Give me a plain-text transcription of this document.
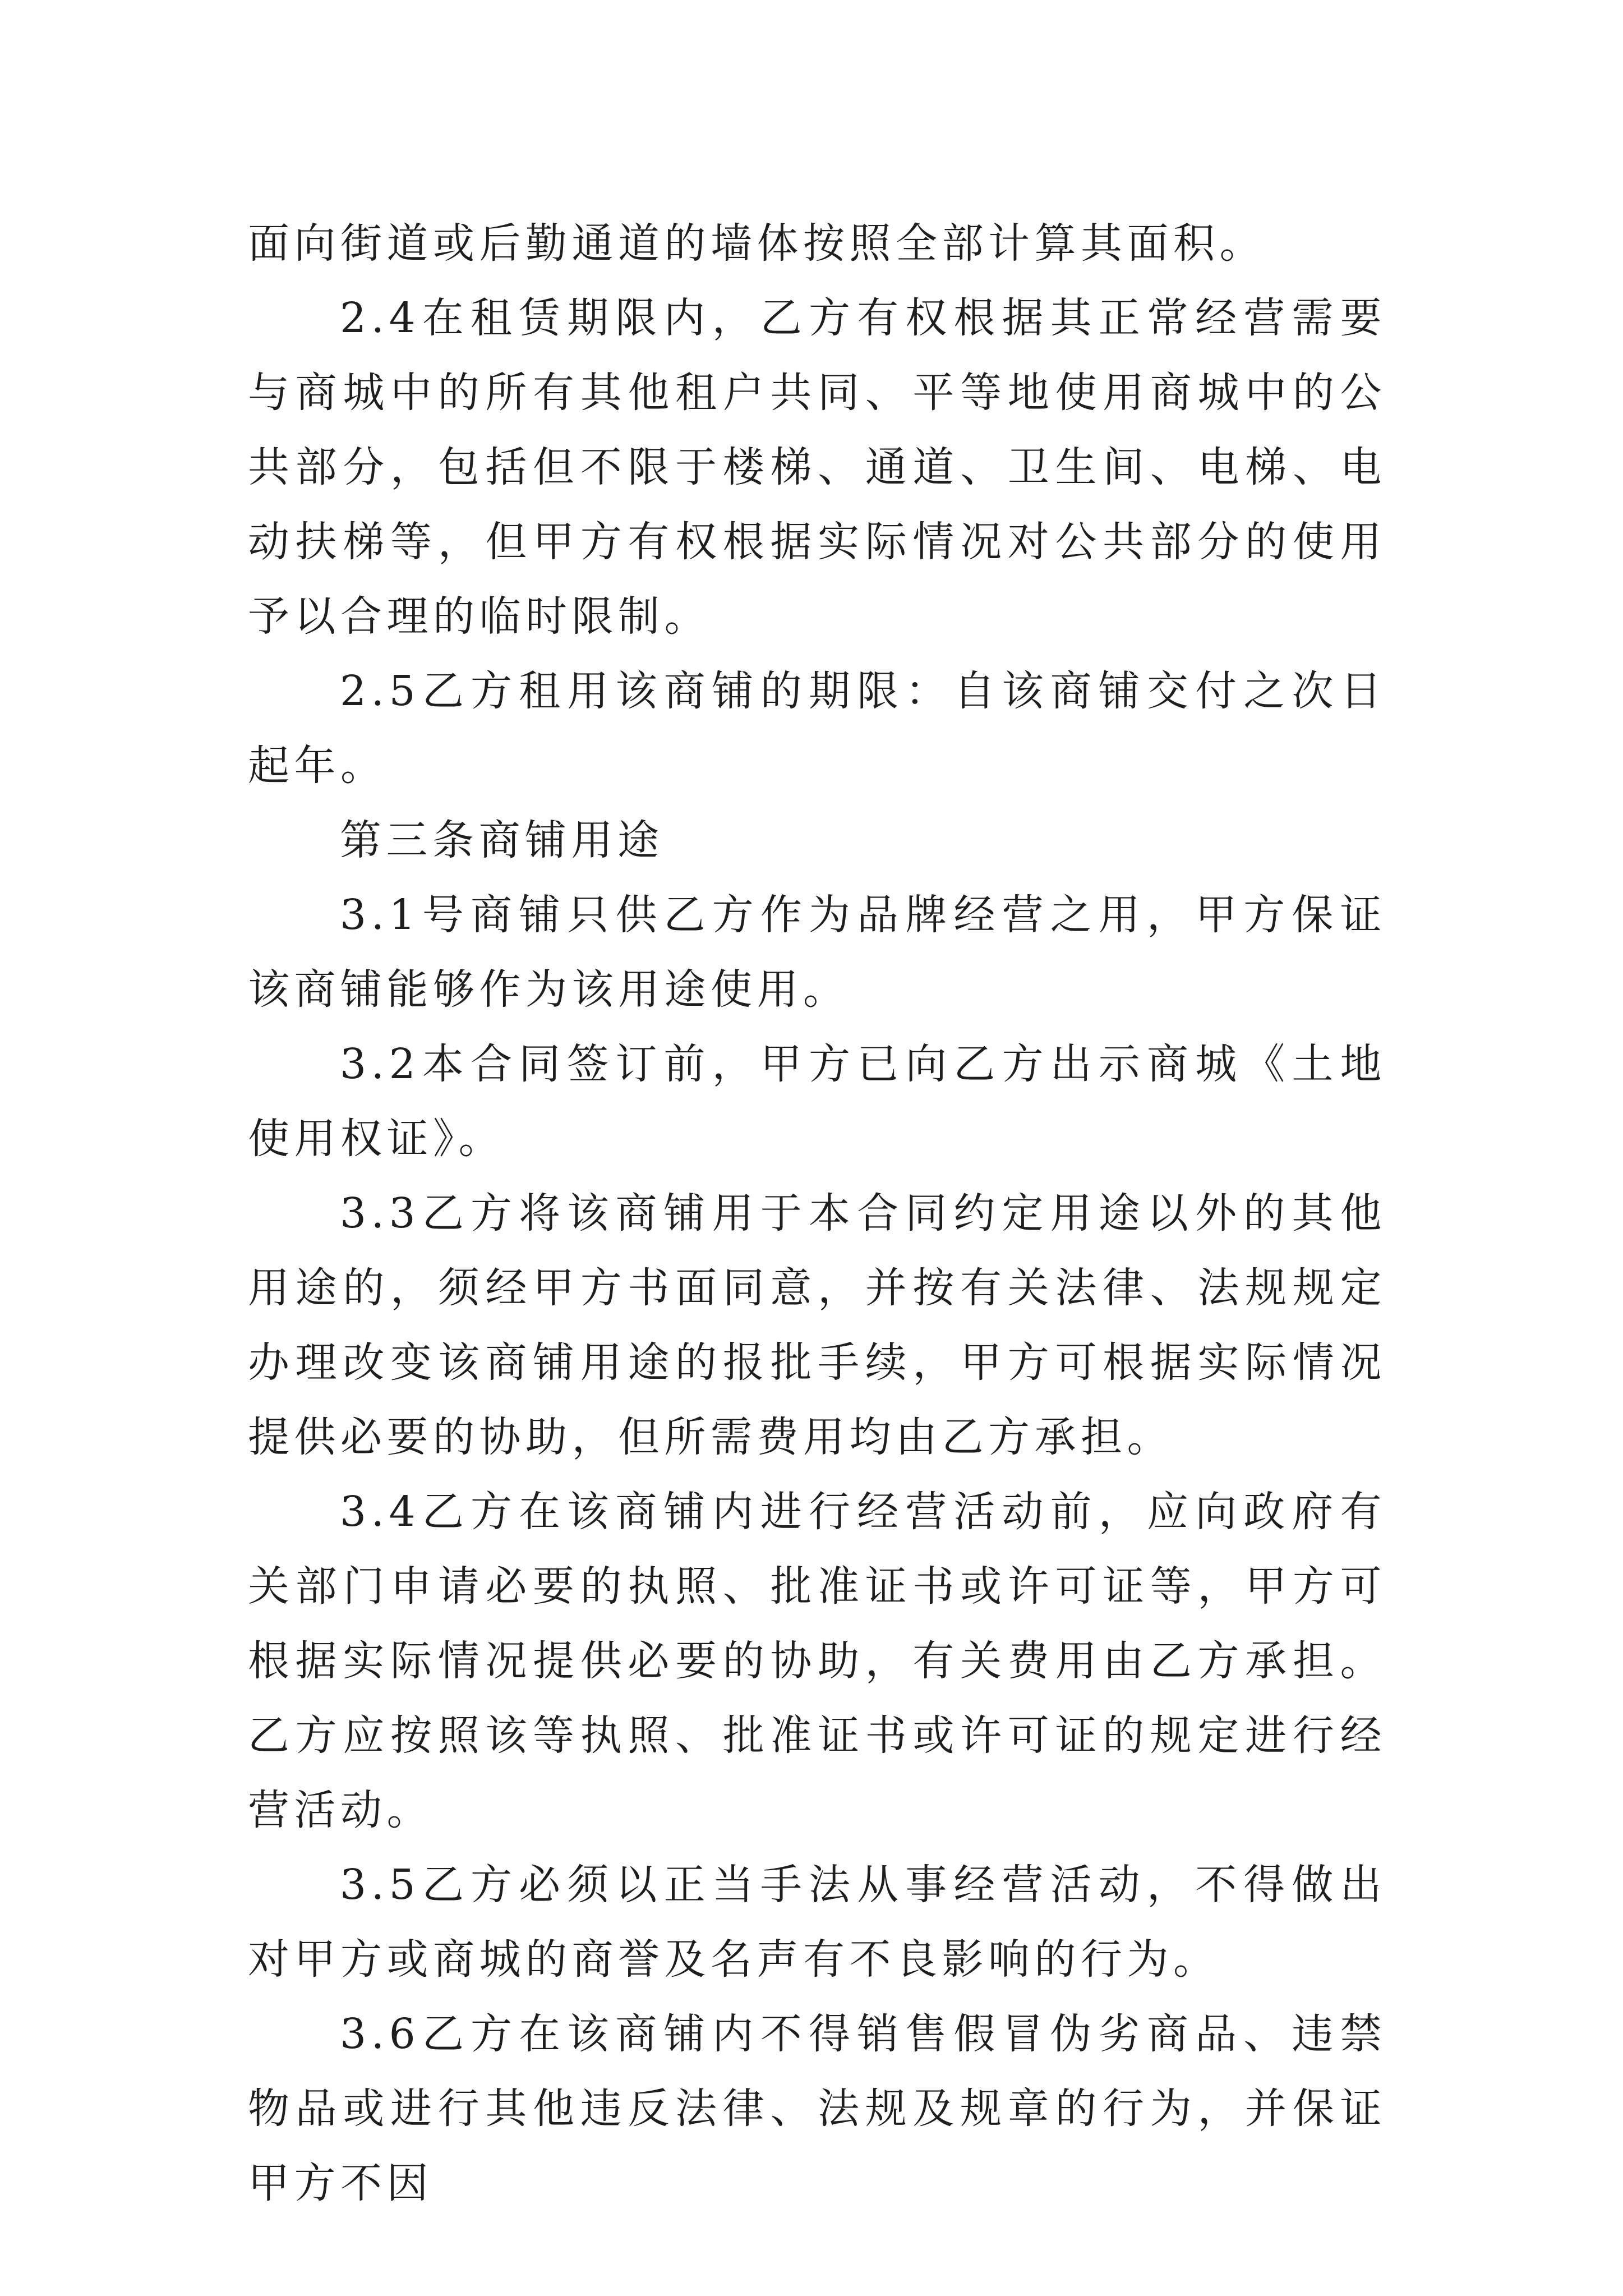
面向街道或后勤通道的墙体按照全部计算其面积。

2.4在租赁期限内，乙方有权根据其正常经营需要与商城中的所有其他租户共同、平等地使用商城中的公共部分，包括但不限于楼梯、通道、卫生间、电梯、电动扶梯等，但甲方有权根据实际情况对公共部分的使用予以合理的临时限制。

2.5乙方租用该商铺的期限：自该商铺交付之次日起年。

第三条商铺用途

3.1号商铺只供乙方作为品牌经营之用，甲方保证该商铺能够作为该用途使用。

3.2本合同签订前，甲方已向乙方出示商城《土地使用权证》。

3.3乙方将该商铺用于本合同约定用途以外的其他用途的，须经甲方书面同意，并按有关法律、法规规定办理改变该商铺用途的报批手续，甲方可根据实际情况提供必要的协助，但所需费用均由乙方承担。

3.4乙方在该商铺内进行经营活动前，应向政府有关部门申请必要的执照、批准证书或许可证等，甲方可根据实际情况提供必要的协助，有关费用由乙方承担。乙方应按照该等执照、批准证书或许可证的规定进行经营活动。

3.5乙方必须以正当手法从事经营活动，不得做出对甲方或商城的商誉及名声有不良影响的行为。

3.6乙方在该商铺内不得销售假冒伪劣商品、违禁物品或进行其他违反法律、法规及规章的行为，并保证甲方不因
